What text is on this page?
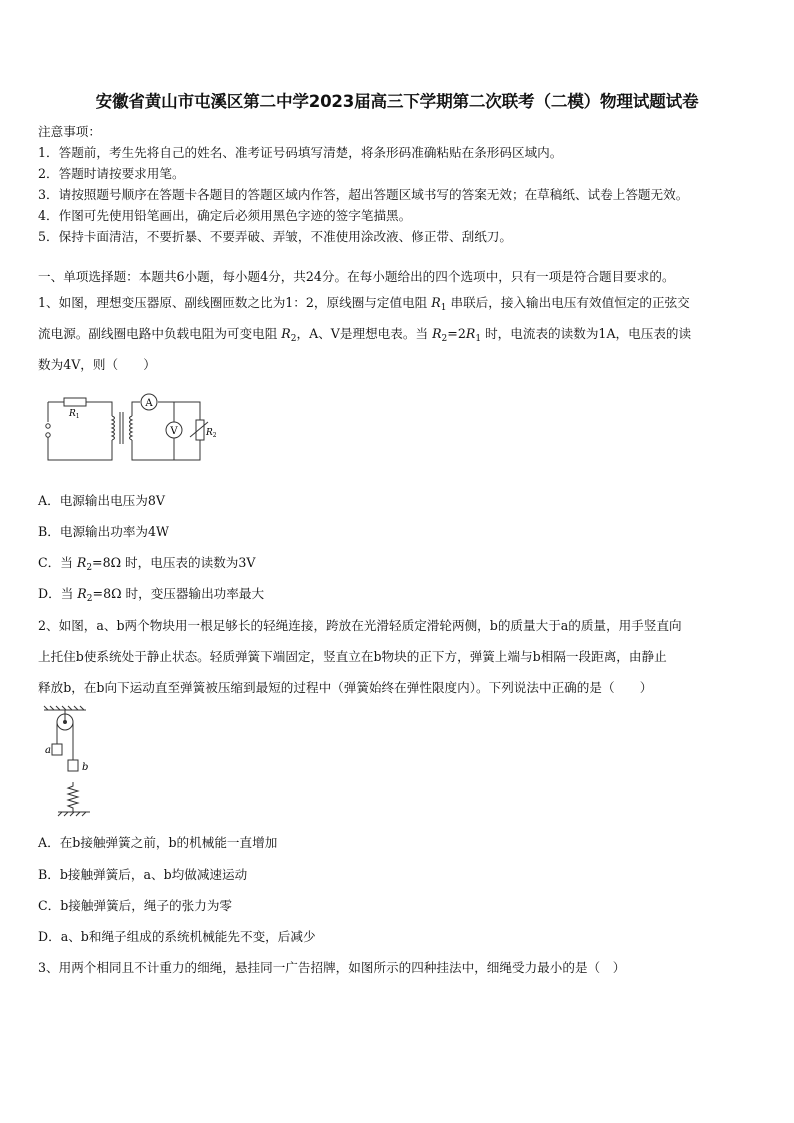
安徽省黄山市屯溪区第二中学2023届高三下学期第二次联考（二模）物理试题试卷
注意事项：
1．答题前，考生先将自己的姓名、准考证号码填写清楚，将条形码准确粘贴在条形码区域内。
2．答题时请按要求用笔。
3．请按照题号顺序在答题卡各题目的答题区域内作答，超出答题区域书写的答案无效；在草稿纸、试卷上答题无效。
4．作图可先使用铅笔画出，确定后必须用黑色字迹的签字笔描黑。
5．保持卡面清洁，不要折暴、不要弄破、弄皱，不准使用涂改液、修正带、刮纸刀。
一、单项选择题：本题共6小题，每小题4分，共24分。在每小题给出的四个选项中，只有一项是符合题目要求的。
1、如图，理想变压器原、副线圈匝数之比为1：2，原线圈与定值电阻 $R_1$ 串联后，接入输出电压有效值恒定的正弦交
流电源。副线圈电路中负载电阻为可变电阻 $R_2$，A、V是理想电表。当 $R_2=2R_1$ 时，电流表的读数为1A，电压表的读
数为4V，则（　　）
A
V
$R_1$
$R_2$
A．电源输出电压为8V
B．电源输出功率为4W
C．当 $R_2=8\Omega$ 时，电压表的读数为3V
D．当 $R_2=8\Omega$ 时，变压器输出功率最大
2、如图，a、b两个物块用一根足够长的轻绳连接，跨放在光滑轻质定滑轮两侧，b的质量大于a的质量，用手竖直向
上托住b使系统处于静止状态。轻质弹簧下端固定，竖直立在b物块的正下方，弹簧上端与b相隔一段距离，由静止
释放b，在b向下运动直至弹簧被压缩到最短的过程中（弹簧始终在弹性限度内）。下列说法中正确的是（　　）
a
b
A．在b接触弹簧之前，b的机械能一直增加
B．b接触弹簧后，a、b均做减速运动
C．b接触弹簧后，绳子的张力为零
D．a、b和绳子组成的系统机械能先不变，后减少
3、用两个相同且不计重力的细绳，悬挂同一广告招牌，如图所示的四种挂法中，细绳受力最小的是（　）
